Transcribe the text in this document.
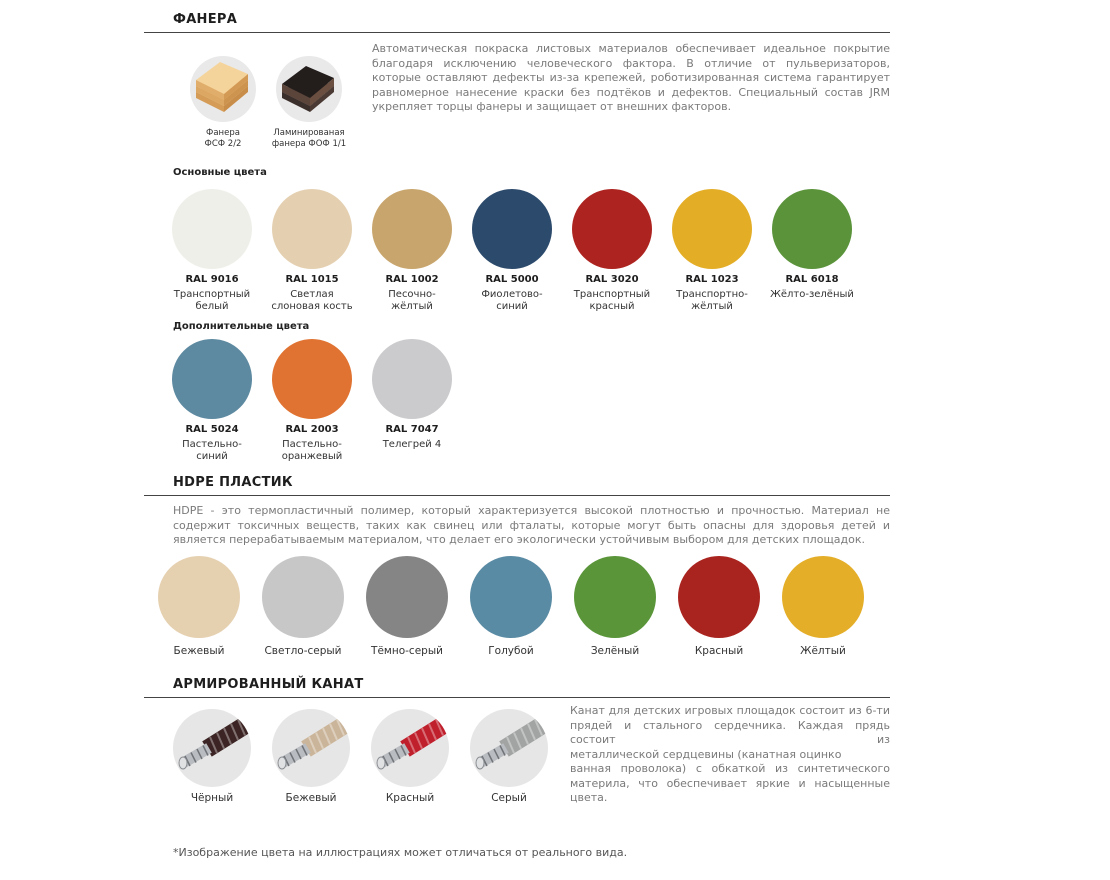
ФАНЕРА
Автоматическая покраска листовых материалов обеспечивает идеальное покрытие благодаря исключению человеческого фактора. В отличие от пульверизаторов, которые оставляют дефекты из-за крепежей, роботизированная система гарантирует равномерное нанесение краски без подтёков и дефектов. Специальный состав JRM укрепляет торцы фанеры и защищает от внешних факторов.
Фанера
ФСФ 2/2
Ламинированая
фанера ФОФ 1/1
Основные цвета
RAL 9016
Транспортный
белый
RAL 1015
Светлая
слоновая кость
RAL 1002
Песочно-
жёлтый
RAL 5000
Фиолетово-
синий
RAL 3020
Транспортный
красный
RAL 1023
Транспортно-
жёлтый
RAL 6018
Жёлто-зелёный
Дополнительные цвета
RAL 5024
Пастельно-
синий
RAL 2003
Пастельно-
оранжевый
RAL 7047
Телегрей 4
HDPE ПЛАСТИК
HDPE - это термопластичный полимер, который характеризуется высокой плотностью и прочностью. Материал не содержит токсичных веществ, таких как свинец или фталаты, которые могут быть опасны для здоровья детей и является перерабатываемым материалом, что делает его экологически устойчивым выбором для детских площадок.
Бежевый	Светло-серый	Тёмно-серый	Голубой	Зелёный	Красный	Жёлтый
АРМИРОВАННЫЙ КАНАТ
Чёрный	Бежевый	Красный	Серый
Канат для детских игровых площадок состоит из 6-ти
прядей и стального сердечника. Каждая прядь состоит из
металлической сердцевины (канатная оцинко
ванная проволока) с обкаткой из синтетического
материла, что обеспечивает яркие и насыщенные цвета.
*Изображение цвета на иллюстрациях может отличаться от реального вида.
